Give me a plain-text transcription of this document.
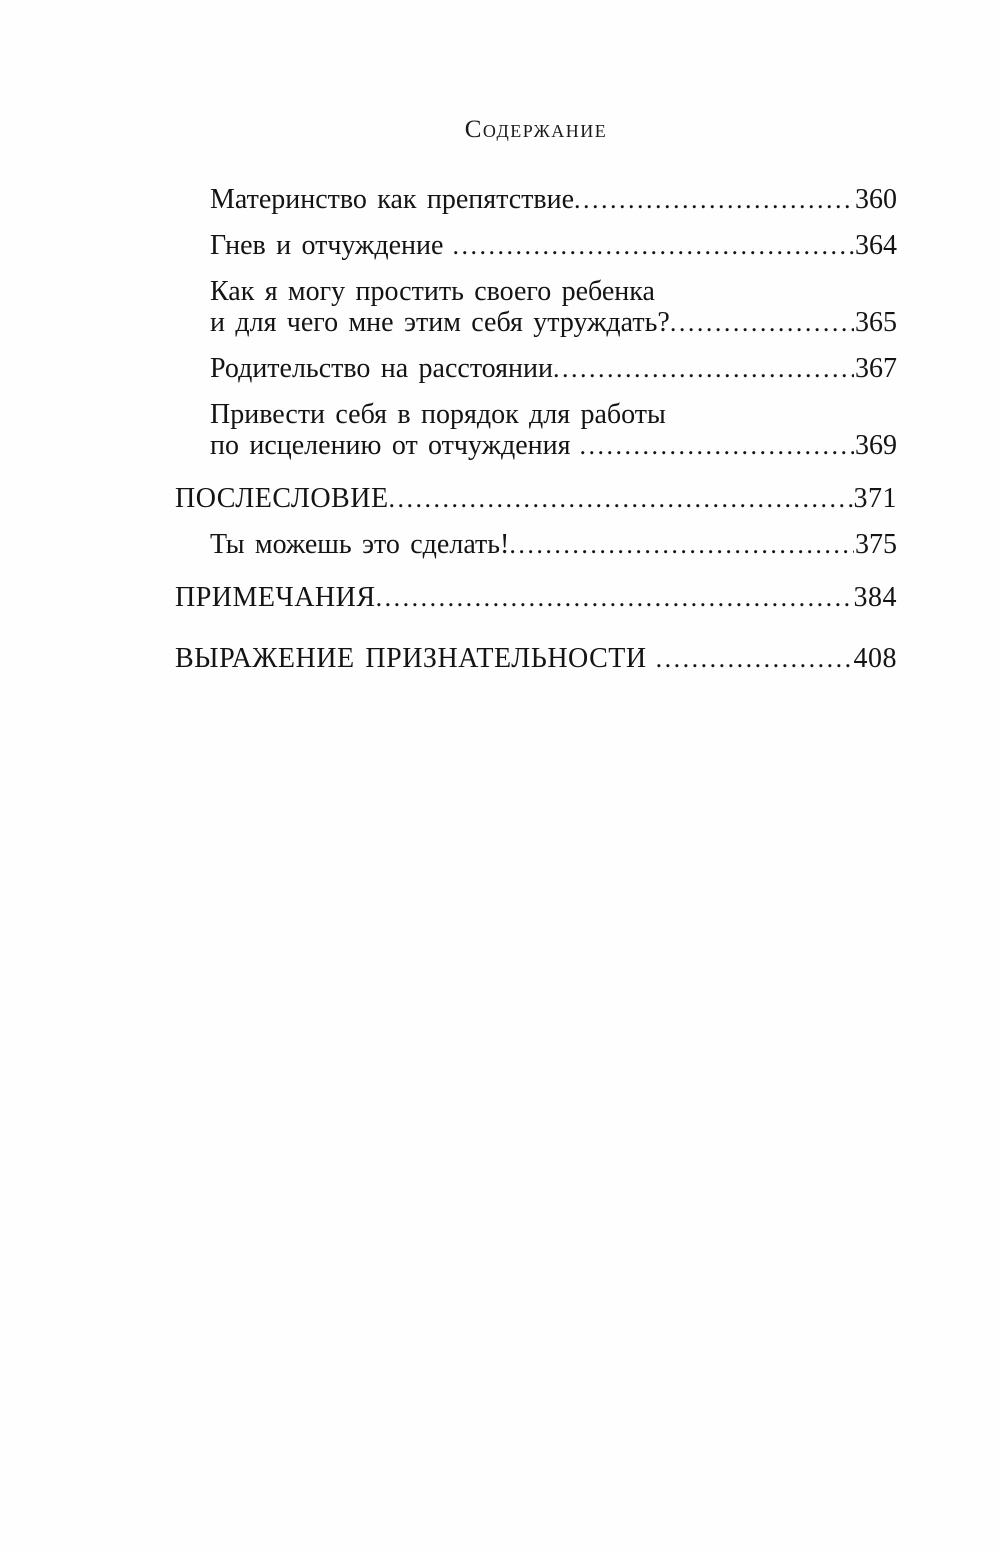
Содержание
Материнство как препятствие .....	360
Гнев и отчуждение .....	364
Как я могу простить своего ребенка
и для чего мне этим себя утруждать? .....	365
Родительство на расстоянии .....	367
Привести себя в порядок для работы
по исцелению от отчуждения .....	369
ПОСЛЕСЛОВИЕ .....	371
Ты можешь это сделать! .....	375
ПРИМЕЧАНИЯ .....	384
ВЫРАЖЕНИЕ ПРИЗНАТЕЛЬНОСТИ .....	408
